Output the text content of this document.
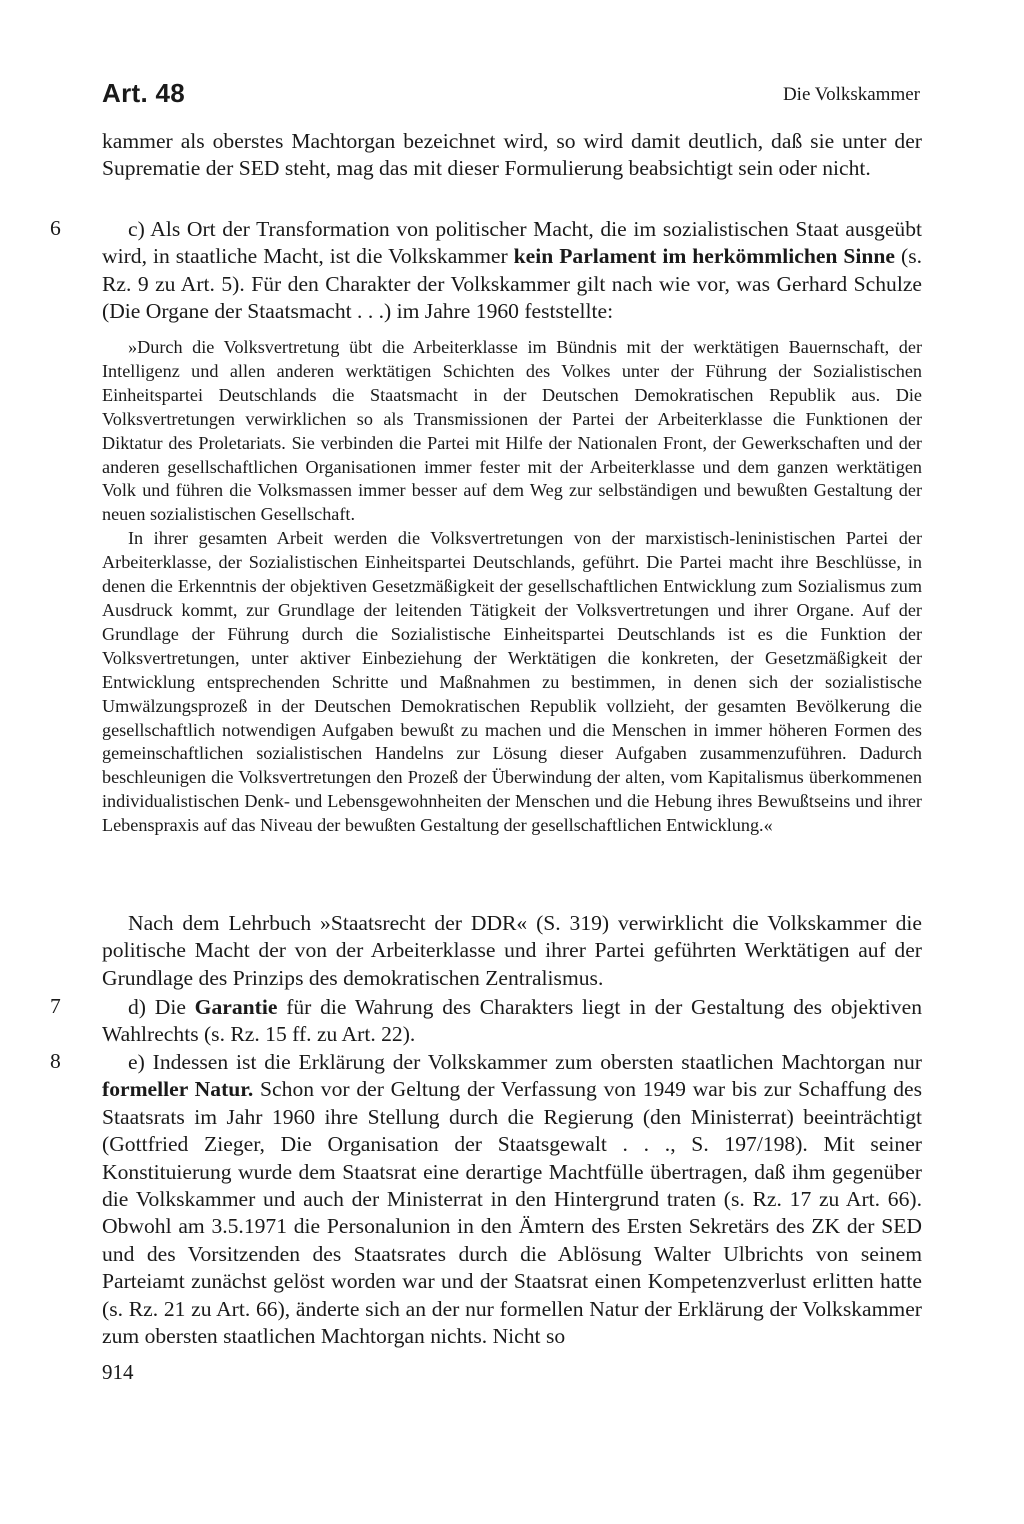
Art. 48	Die Volkskammer

kammer als oberstes Machtorgan bezeichnet wird, so wird damit deutlich, daß sie unter der Suprematie der SED steht, mag das mit dieser Formulierung beabsichtigt sein oder nicht.

6	c) Als Ort der Transformation von politischer Macht, die im sozialistischen Staat ausgeübt wird, in staatliche Macht, ist die Volkskammer kein Parlament im herkömmlichen Sinne (s. Rz. 9 zu Art. 5). Für den Charakter der Volkskammer gilt nach wie vor, was Gerhard Schulze (Die Organe der Staatsmacht . . .) im Jahre 1960 feststellte:

»Durch die Volksvertretung übt die Arbeiterklasse im Bündnis mit der werktätigen Bauernschaft, der Intelligenz und allen anderen werktätigen Schichten des Volkes unter der Führung der Sozialistischen Einheitspartei Deutschlands die Staatsmacht in der Deutschen Demokratischen Republik aus. Die Volksvertretungen verwirklichen so als Transmissionen der Partei der Arbeiterklasse die Funktionen der Diktatur des Proletariats. Sie verbinden die Partei mit Hilfe der Nationalen Front, der Gewerkschaften und der anderen gesellschaftlichen Organisationen immer fester mit der Arbeiterklasse und dem ganzen werktätigen Volk und führen die Volksmassen immer besser auf dem Weg zur selbständigen und bewußten Gestaltung der neuen sozialistischen Gesellschaft.

In ihrer gesamten Arbeit werden die Volksvertretungen von der marxistisch-leninistischen Partei der Arbeiterklasse, der Sozialistischen Einheitspartei Deutschlands, geführt. Die Partei macht ihre Beschlüsse, in denen die Erkenntnis der objektiven Gesetzmäßigkeit der gesellschaftlichen Entwicklung zum Sozialismus zum Ausdruck kommt, zur Grundlage der leitenden Tätigkeit der Volksvertretungen und ihrer Organe. Auf der Grundlage der Führung durch die Sozialistische Einheitspartei Deutschlands ist es die Funktion der Volksvertretungen, unter aktiver Einbeziehung der Werktätigen die konkreten, der Gesetzmäßigkeit der Entwicklung entsprechenden Schritte und Maßnahmen zu bestimmen, in denen sich der sozialistische Umwälzungsprozeß in der Deutschen Demokratischen Republik vollzieht, der gesamten Bevölkerung die gesellschaftlich notwendigen Aufgaben bewußt zu machen und die Menschen in immer höheren Formen des gemeinschaftlichen sozialistischen Handelns zur Lösung dieser Aufgaben zusammenzuführen. Dadurch beschleunigen die Volksvertretungen den Prozeß der Überwindung der alten, vom Kapitalismus überkommenen individualistischen Denk- und Lebensgewohnheiten der Menschen und die Hebung ihres Bewußtseins und ihrer Lebenspraxis auf das Niveau der bewußten Gestaltung der gesellschaftlichen Entwicklung.«

Nach dem Lehrbuch »Staatsrecht der DDR« (S. 319) verwirklicht die Volkskammer die politische Macht der von der Arbeiterklasse und ihrer Partei geführten Werktätigen auf der Grundlage des Prinzips des demokratischen Zentralismus.

7	d) Die Garantie für die Wahrung des Charakters liegt in der Gestaltung des objektiven Wahlrechts (s. Rz. 15 ff. zu Art. 22).

8	e) Indessen ist die Erklärung der Volkskammer zum obersten staatlichen Machtorgan nur formeller Natur. Schon vor der Geltung der Verfassung von 1949 war bis zur Schaffung des Staatsrats im Jahr 1960 ihre Stellung durch die Regierung (den Ministerrat) beeinträchtigt (Gottfried Zieger, Die Organisation der Staatsgewalt . . ., S. 197/198). Mit seiner Konstituierung wurde dem Staatsrat eine derartige Machtfülle übertragen, daß ihm gegenüber die Volkskammer und auch der Ministerrat in den Hintergrund traten (s. Rz. 17 zu Art. 66). Obwohl am 3.5.1971 die Personalunion in den Ämtern des Ersten Sekretärs des ZK der SED und des Vorsitzenden des Staatsrates durch die Ablösung Walter Ulbrichts von seinem Parteiamt zunächst gelöst worden war und der Staatsrat einen Kompetenzverlust erlitten hatte (s. Rz. 21 zu Art. 66), änderte sich an der nur formellen Natur der Erklärung der Volkskammer zum obersten staatlichen Machtorgan nichts. Nicht so

914
